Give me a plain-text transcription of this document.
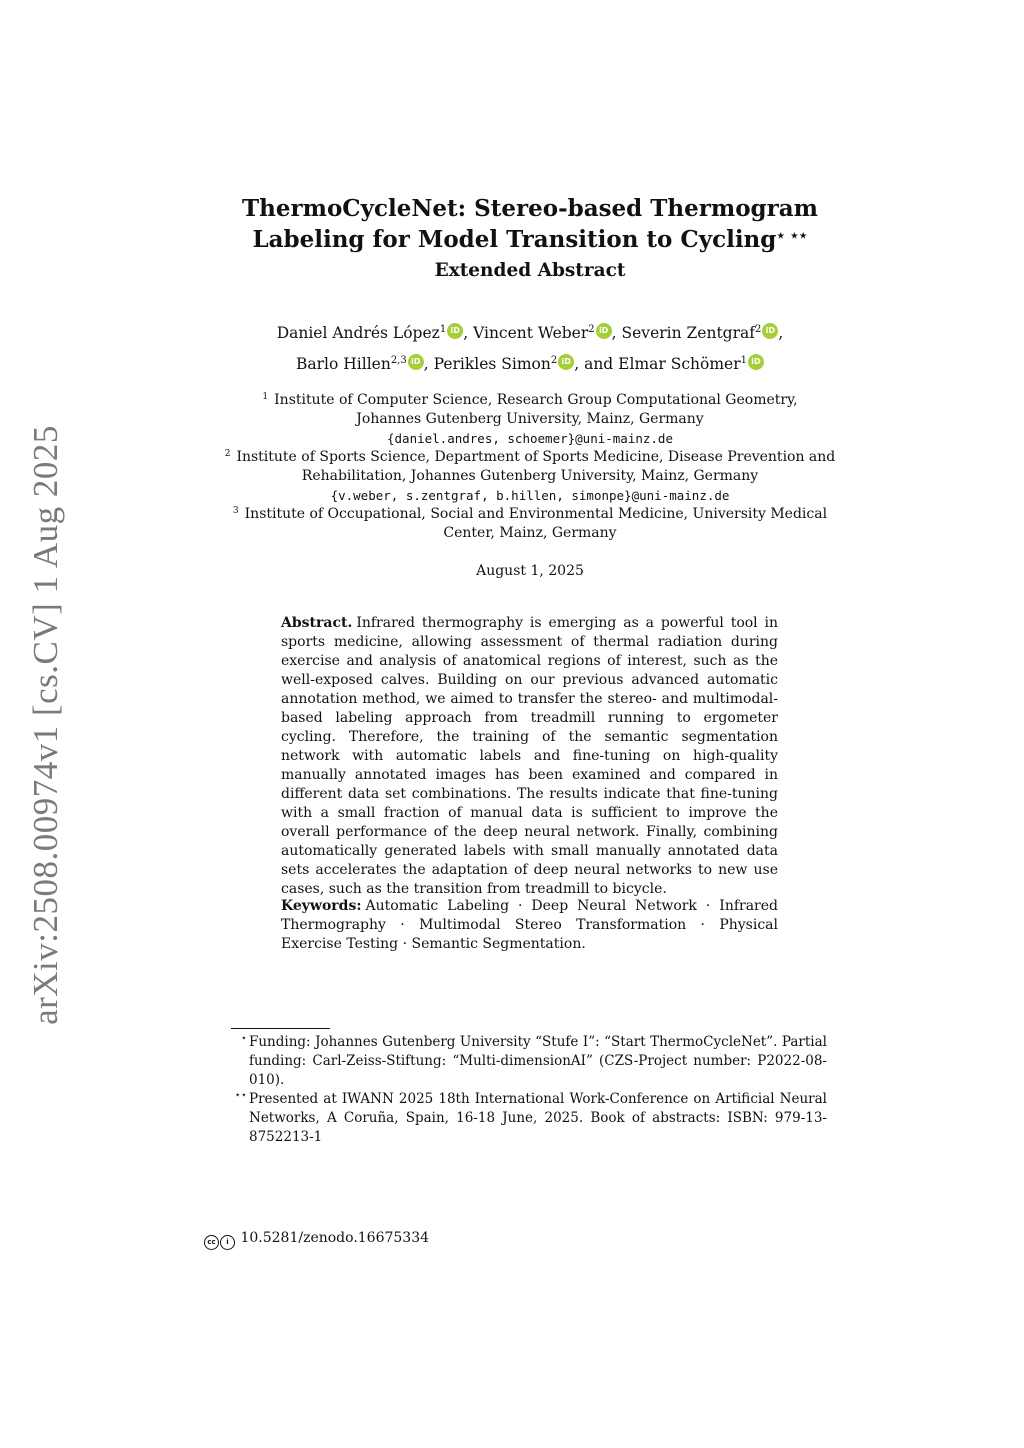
arXiv:2508.00974v1 [cs.CV] 1 Aug 2025
ThermoCycleNet: Stereo-based Thermogram
Labeling for Model Transition to Cycling⋆ ⋆⋆
Extended Abstract
Daniel Andrés López$^1$ iD , Vincent Weber$^2$ iD , Severin Zentgraf$^2$ iD ,
Barlo Hillen$^{2,3}$ iD , Perikles Simon$^2$ iD , and Elmar Schömer$^1$ iD
$^1$ Institute of Computer Science, Research Group Computational Geometry,
Johannes Gutenberg University, Mainz, Germany
{daniel.andres, schoemer}@uni-mainz.de
$^2$ Institute of Sports Science, Department of Sports Medicine, Disease Prevention and
Rehabilitation, Johannes Gutenberg University, Mainz, Germany
{v.weber, s.zentgraf, b.hillen, simonpe}@uni-mainz.de
$^3$ Institute of Occupational, Social and Environmental Medicine, University Medical
Center, Mainz, Germany
August 1, 2025
Abstract. Infrared thermography is emerging as a powerful tool in sports medicine, allowing assessment of thermal radiation during exercise and analysis of anatomical regions of interest, such as the well-exposed calves. Building on our previous advanced automatic annotation method, we aimed to transfer the stereo- and multimodal-based labeling approach from treadmill running to ergometer cycling. Therefore, the training of the semantic segmentation network with automatic labels and fine-tuning on high-quality manually annotated images has been examined and compared in different data set combinations. The results indicate that fine-tuning with a small fraction of manual data is sufficient to improve the overall performance of the deep neural network. Finally, combining automatically generated labels with small manually annotated data sets accelerates the adaptation of deep neural networks to new use cases, such as the transition from treadmill to bicycle.
Keywords: Automatic Labeling · Deep Neural Network · Infrared Thermography · Multimodal Stereo Transformation · Physical Exercise Testing · Semantic Segmentation.
⋆ Funding: Johannes Gutenberg University “Stufe I”: “Start ThermoCycleNet”. Partial funding: Carl-Zeiss-Stiftung: “Multi-dimensionAI” (CZS-Project number: P2022-08-010).
⋆⋆ Presented at IWANN 2025 18th International Work-Conference on Artificial Neural Networks, A Coruña, Spain, 16-18 June, 2025. Book of abstracts: ISBN: 979-13-8752213-1
cc i 10.5281/zenodo.16675334
